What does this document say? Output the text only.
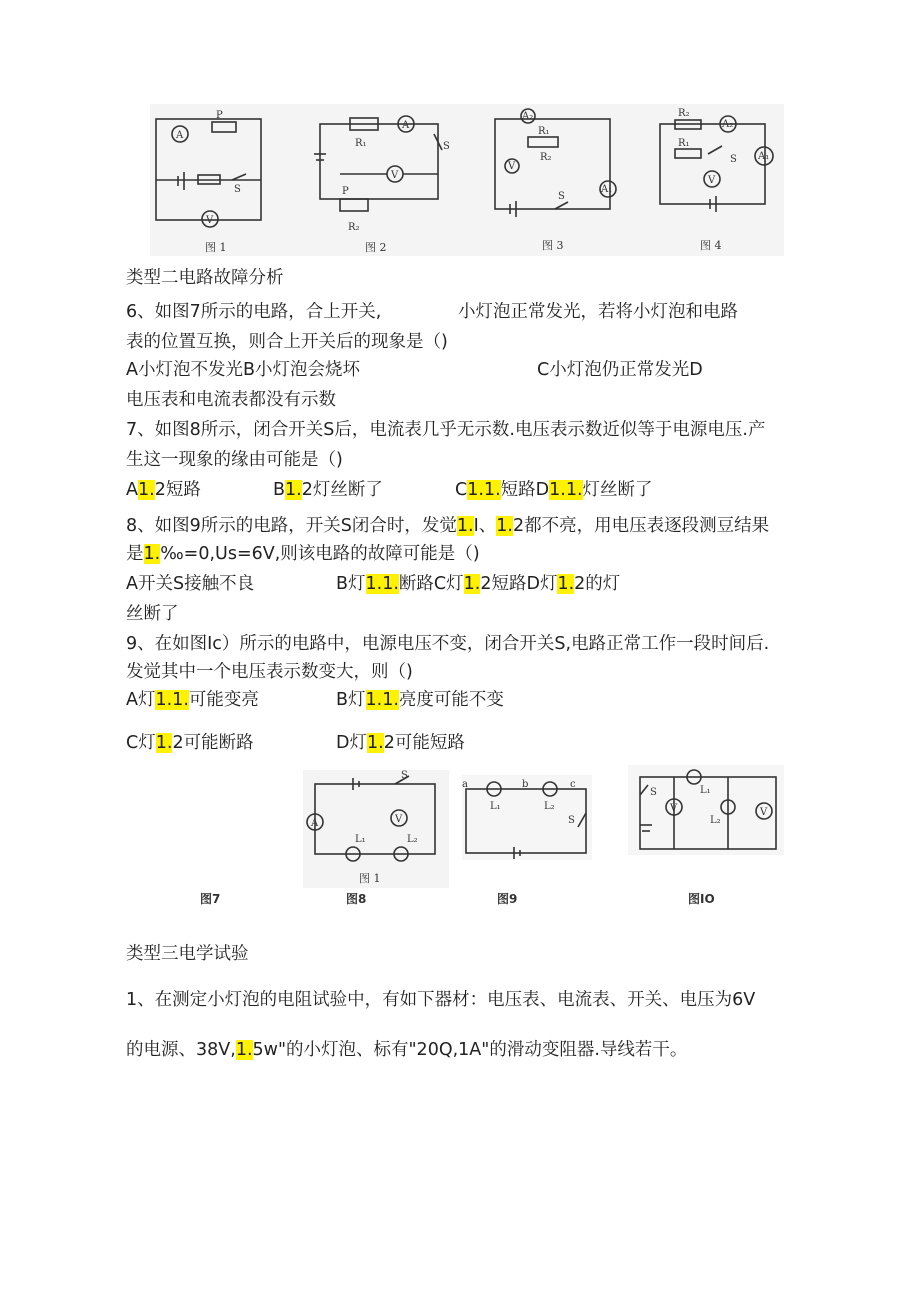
A
P
S
V
R₁
A
S
V
P
R₂
A₂
R₁
R₂
V
A₁
S
R₂
A₂
R₁
S A₁
V
图 1	图 2	图 3	图 4
类型二电路故障分析
6、如图7所示的电路，合上开关,	小灯泡正常发光，若将小灯泡和电路
表的位置互换，则合上开关后的现象是（)
A小灯泡不发光B小灯泡会烧坏	C小灯泡仍正常发光D
电压表和电流表都没有示数
7、如图8所示，闭合开关S后，电流表几乎无示数.电压表示数近似等于电源电压.产
生这一现象的缘由可能是（)
A1.2短路	B1.2灯丝断了	C1.1.短路D1.1.灯丝断了
8、如图9所示的电路，开关S闭合时，发觉1.I、1.2都不亮，用电压表逐段测豆结果
是1.‰=0,Us=6V,则该电路的故障可能是（)
A开关S接触不良	B灯1.1.断路C灯1.2短路D灯1.2的灯
丝断了
9、在如图Ic）所示的电路中，电源电压不变，闭合开关S,电路正常工作一段时间后.
发觉其中一个电压表示数变大，则（)
A灯1.1.可能变亮	B灯1.1.亮度可能不变
C灯1.2可能断路	D灯1.2可能短路
S
V
A
L₁	L₂
图 1
a
L₁
b
L₂
c
S
S
V
L₁
L₂
V
图7	图8	图9	图IO
类型三电学试验
1、在测定小灯泡的电阻试验中，有如下器材：电压表、电流表、开关、电压为6V
的电源、38V,1.5w"的小灯泡、标有"20Q,1A"的滑动变阻器.导线若干。
